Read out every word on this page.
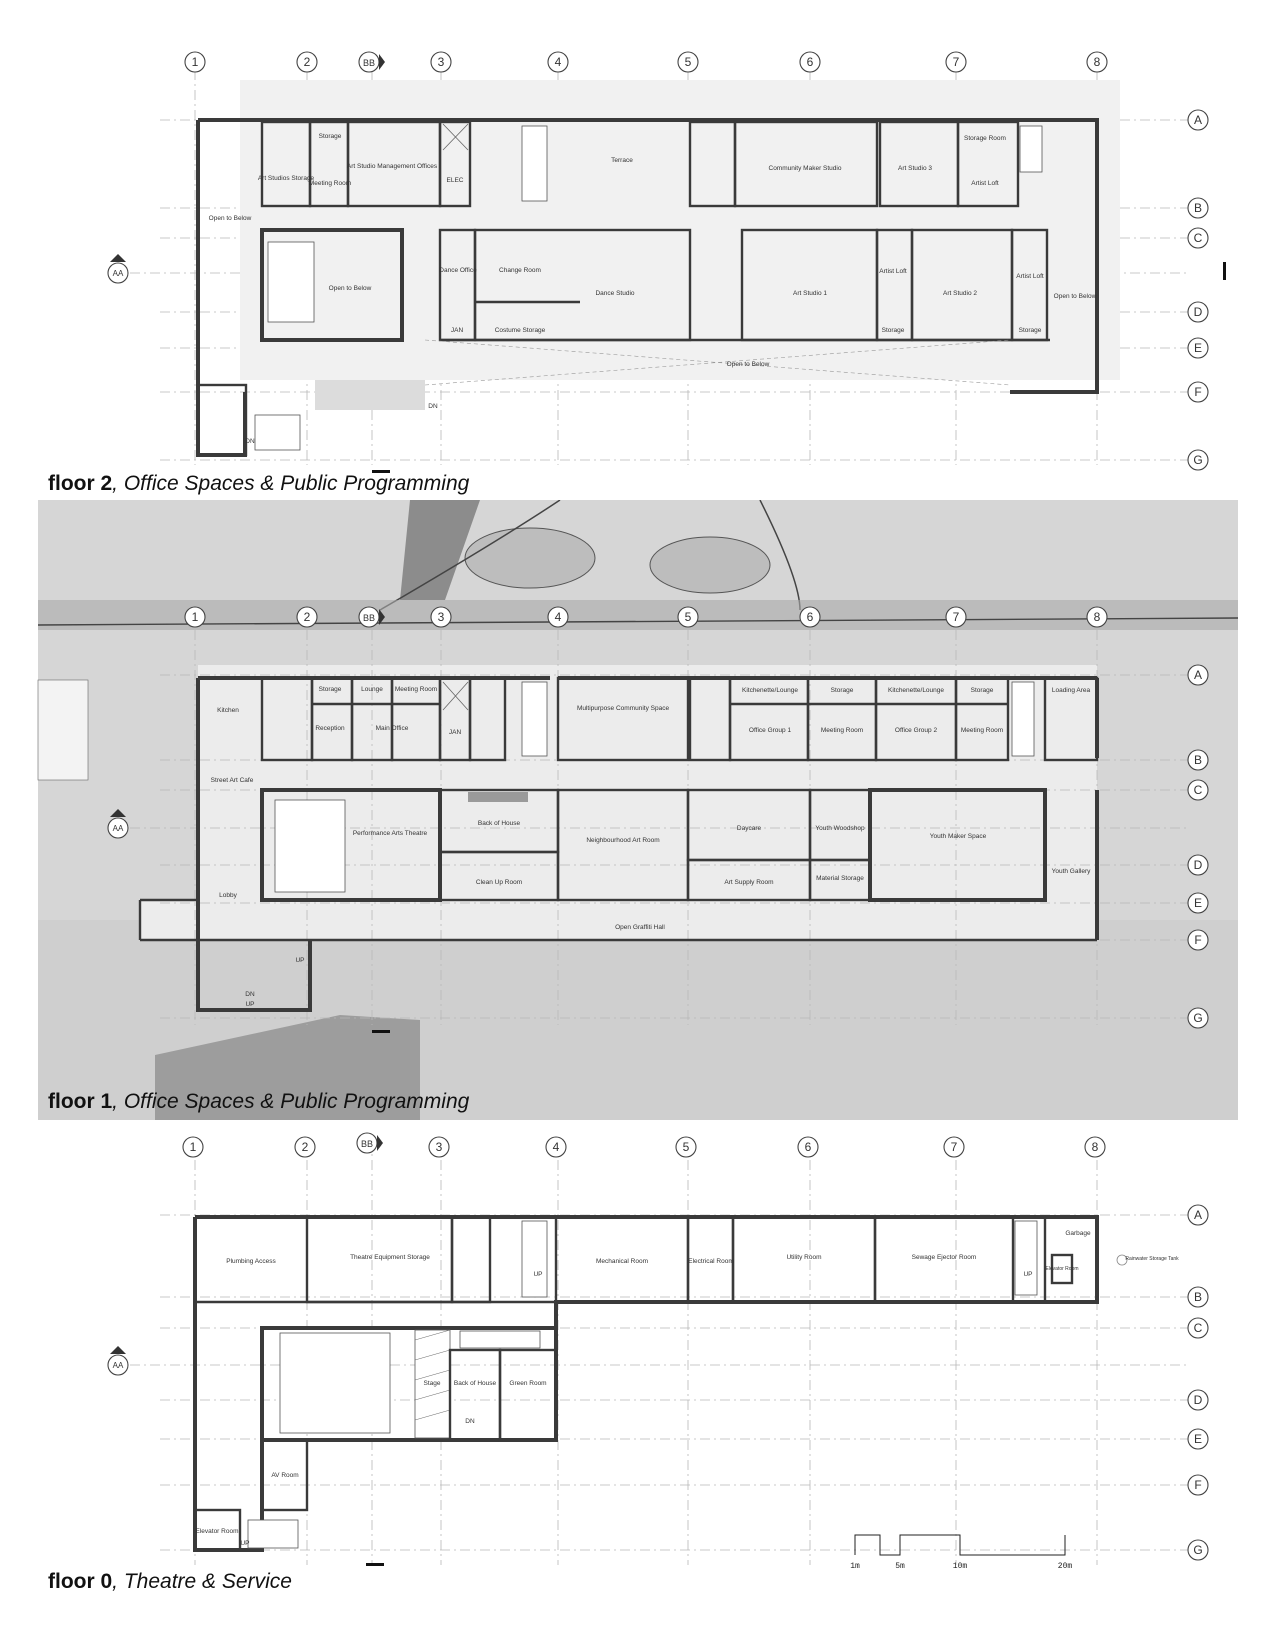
Storage
Art Studios Storage
Meeting Room
Art Studio Management Offices
ELEC
Terrace
Community Maker Studio	Art Studio 3
Storage Room
Artist Loft
Open to Below
Dance Office	Change Room
Dance Studio	Art Studio 1
Artist Loft
Art Studio 2
Artist Loft
Open to Below
Open to Below
JAN	Costume Storage	Storage	Storage
Open to Below
DN
DN
1	2	BB	3	4	5	6	7	8
A
B
C
D
E
F
G
AA
floor 2, Office Spaces & Public Programming
Kitchen
Storage	Lounge Meeting Room
Reception	Main Office
JAN
Multipurpose Community Space
Kitchenette/Lounge	Storage	Kitchenette/Lounge	Storage
Office Group 1	Meeting Room	Office Group 2	Meeting Room
Loading Area
Street Art Cafe
Performance Arts Theatre
Back of House
Neighbourhood Art Room
Daycare	Youth Woodshop
Youth Maker Space
Clean Up Room	Art Supply Room
Material Storage
Youth Gallery
Lobby
Open Graffiti Hall
UP
DN
UP
1	2	BB	3	4	5	6	7	8
A
B
C
D
E
F
G
AA
floor 1, Office Spaces & Public Programming
Plumbing Access
Theatre Equipment Storage
Mechanical Room	Electrical Room
Utility Room	Sewage Ejector Room
Garbage
Elevator Room
Rainwater Storage Tank
Stage Back of House Green Room
AV Room
Elevator Room
UP	UP
UP
DN
1	2	BB	3	4	5	6	7	8
A
B
C
D
E
F
G
AA
1m	5m	10m	20m
floor 0, Theatre & Service
